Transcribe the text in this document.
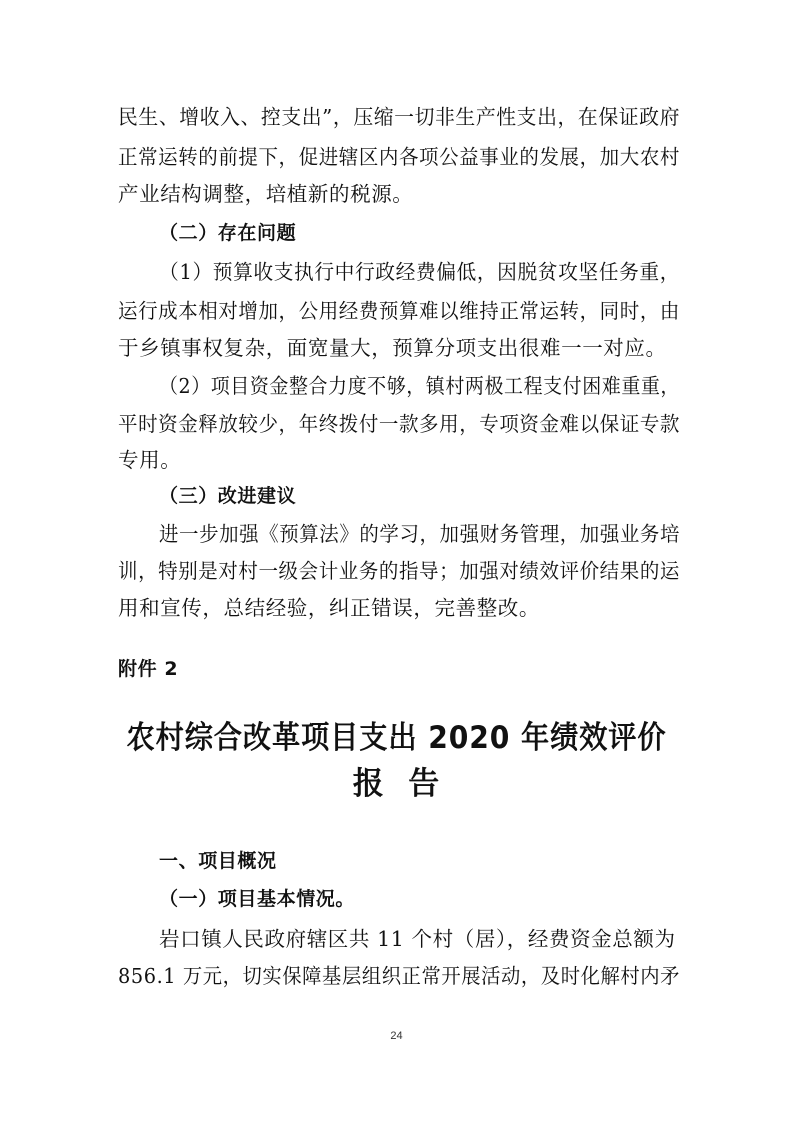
民生、增收入、控支出”，压缩一切非生产性支出，在保证政府
正常运转的前提下，促进辖区内各项公益事业的发展，加大农村
产业结构调整，培植新的税源。
（二）存在问题
（1）预算收支执行中行政经费偏低，因脱贫攻坚任务重，
运行成本相对增加，公用经费预算难以维持正常运转，同时，由
于乡镇事权复杂，面宽量大，预算分项支出很难一一对应。
（2）项目资金整合力度不够，镇村两极工程支付困难重重，
平时资金释放较少，年终拨付一款多用，专项资金难以保证专款
专用。
（三）改进建议
进一步加强《预算法》的学习，加强财务管理，加强业务培
训，特别是对村一级会计业务的指导；加强对绩效评价结果的运
用和宣传，总结经验，纠正错误，完善整改。
附件 2
农村综合改革项目支出 2020 年绩效评价
报  告
一、项目概况
（一）项目基本情况。
岩口镇人民政府辖区共 11 个村（居），经费资金总额为
856.1 万元，切实保障基层组织正常开展活动，及时化解村内矛
24
